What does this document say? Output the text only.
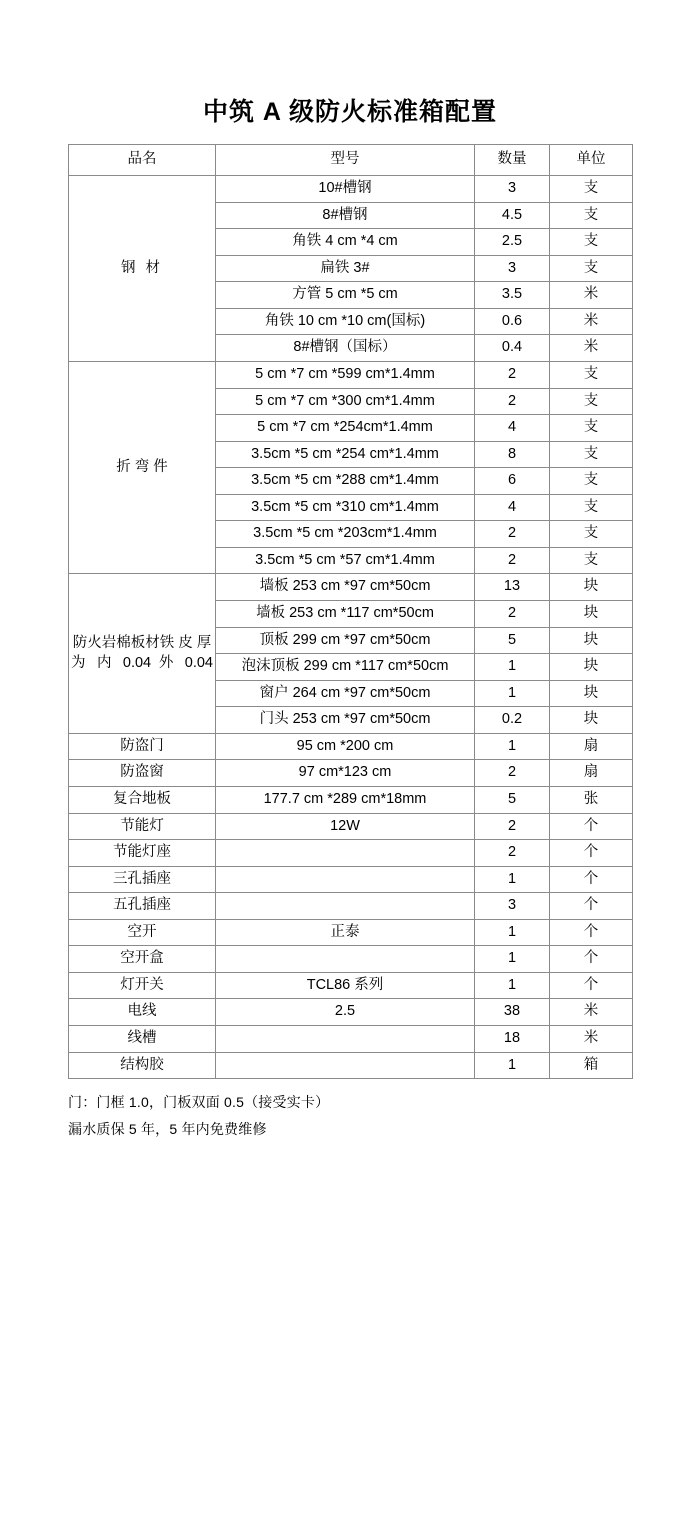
中筑 A 级防火标准箱配置
品名	型号	数量	单位
钢 材	10#槽钢	3	支
	8#槽钢	4.5	支
	角铁 4 cm *4 cm	2.5	支
	扁铁 3#	3	支
	方管 5 cm *5 cm	3.5	米
	角铁 10 cm *10 cm(国标)	0.6	米
	8#槽钢（国标）	0.4	米
折 弯 件	5 cm *7 cm *599 cm*1.4mm	2	支
	5 cm *7 cm *300 cm*1.4mm	2	支
	5 cm *7 cm *254cm*1.4mm	4	支
	3.5cm *5 cm *254 cm*1.4mm	8	支
	3.5cm *5 cm *288 cm*1.4mm	6	支
	3.5cm *5 cm *310 cm*1.4mm	4	支
	3.5cm *5 cm *203cm*1.4mm	2	支
	3.5cm *5 cm *57 cm*1.4mm	2	支
防火岩棉板材铁 皮 厚 为 内 0.04 外 0.04	墙板 253 cm *97 cm*50cm	13	块
	墙板 253 cm *117 cm*50cm	2	块
	顶板 299 cm *97 cm*50cm	5	块
	泡沫顶板 299 cm *117 cm*50cm	1	块
	窗户 264 cm *97 cm*50cm	1	块
	门头 253 cm *97 cm*50cm	0.2	块
防盗门	95 cm *200 cm	1	扇
防盗窗	97 cm*123 cm	2	扇
复合地板	177.7 cm *289 cm*18mm	5	张
节能灯	12W	2	个
节能灯座		2	个
三孔插座		1	个
五孔插座		3	个
空开	正泰	1	个
空开盒		1	个
灯开关	TCL86 系列	1	个
电线	2.5	38	米
线槽		18	米
结构胶		1	箱
门：门框 1.0，门板双面 0.5（接受实卡）
漏水质保 5 年，5 年内免费维修
